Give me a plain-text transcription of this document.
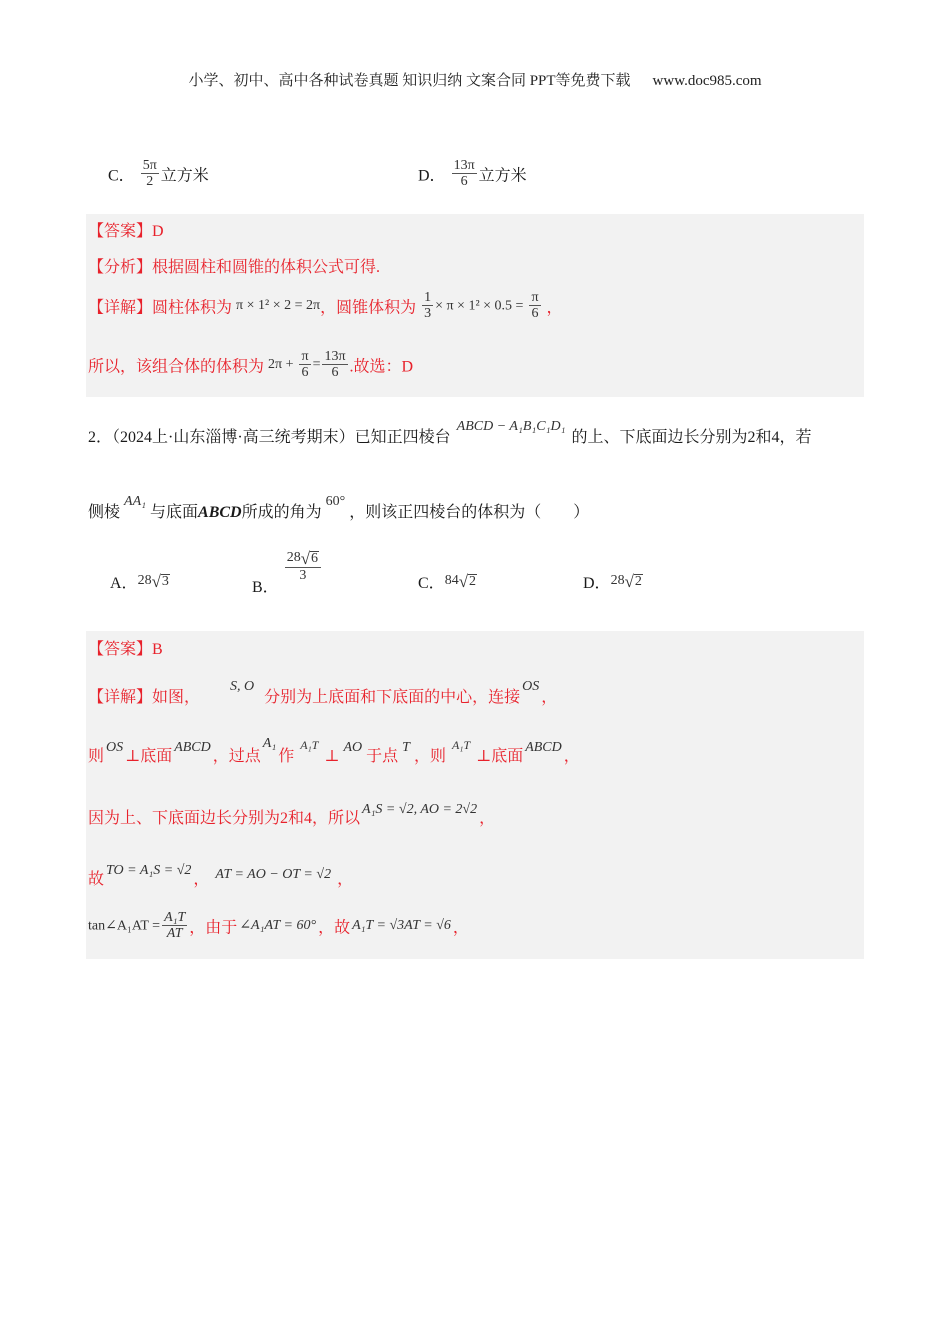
小学、初中、高中各种试卷真题 知识归纳 文案合同 PPT等免费下载 www.doc985.com
C． $\frac{5\pi}{2}$ 立方米	D． $\frac{13\pi}{6}$ 立方米
【答案】D
【分析】根据圆柱和圆锥的体积公式可得.
【详解】圆柱体积为 π × 1² × 2 = 2π，圆锥体积为 $\frac{1}{3} \times \pi \times 1^2 \times 0.5 = \frac{\pi}{6}$ ，
所以，该组合体的体积为 $2\pi + \frac{\pi}{6} = \frac{13\pi}{6}$ .故选：D
2．（2024上·山东淄博·高三统考期末）已知正四棱台ABCD − A₁B₁C₁D₁的上、下底面边长分别为2和4，若
侧棱AA₁与底面ABCD所成的角为60°，则该正四棱台的体积为（　　）
A． 28 √ 3	B．
$\frac{28 √ 6}{3}$
C． 84 √ 2	D． 28 √ 2
【答案】B
【详解】如图，S, O分别为上底面和下底面的中心，连接OS，
则OS⊥底面ABCD，过点A₁作$^{A_1T}$⊥AO于点T，则$^{A_1T}$⊥底面ABCD，
因为上、下底面边长分别为2和4，所以A₁S = √2, AO = 2√2，
故TO = A₁S = √2， AT = AO − OT = √2 ，
tan∠A₁AT = $\frac{\text{A₁T}}{AT}$ ，由于 ∠A₁AT = 60° ，故 A₁T = √3AT = √6 ，
